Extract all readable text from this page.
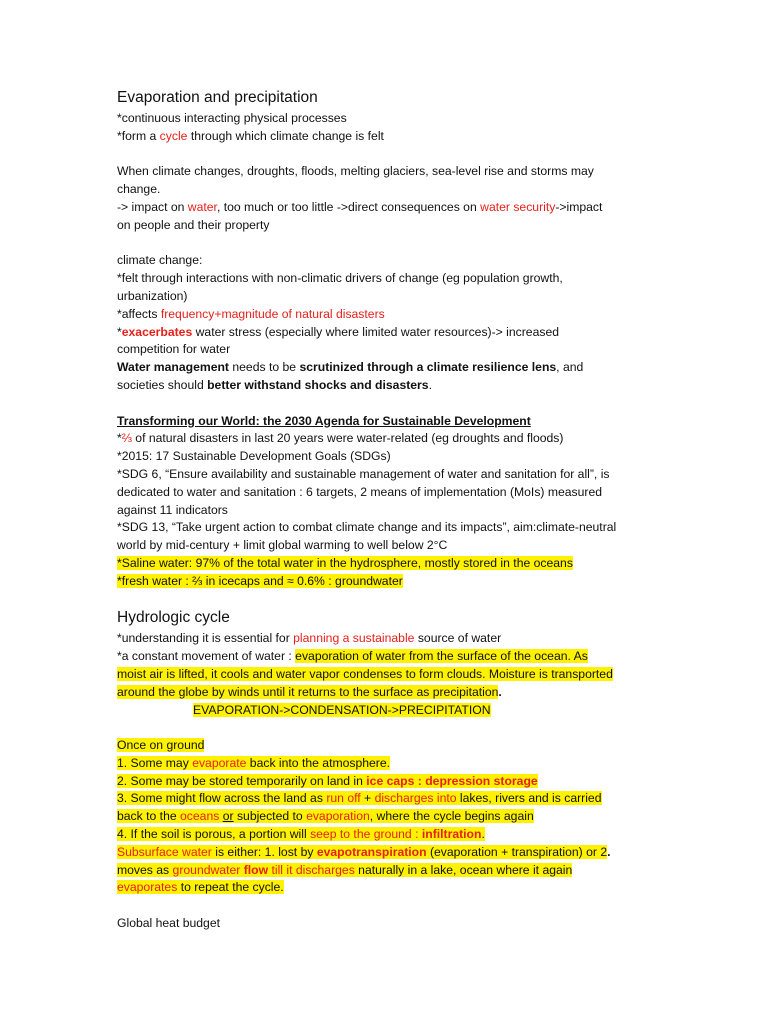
Evaporation and precipitation
*continuous interacting physical processes
*form a cycle through which climate change is felt
When climate changes, droughts, floods, melting glaciers, sea-level rise and storms may
change.
-> impact on water, too much or too little ->direct consequences on water security->impact
on people and their property
climate change:
*felt through interactions with non-climatic drivers of change (eg population growth,
urbanization)
*affects frequency+magnitude of natural disasters
*exacerbates water stress (especially where limited water resources)-> increased
competition for water
Water management needs to be scrutinized through a climate resilience lens, and
societies should better withstand shocks and disasters.
Transforming our World: the 2030 Agenda for Sustainable Development
*⅔ of natural disasters in last 20 years were water-related (eg droughts and floods)
*2015: 17 Sustainable Development Goals (SDGs)
*SDG 6, “Ensure availability and sustainable management of water and sanitation for all”, is
dedicated to water and sanitation : 6 targets, 2 means of implementation (MoIs) measured
against 11 indicators
*SDG 13, “Take urgent action to combat climate change and its impacts”, aim:climate-neutral
world by mid-century + limit global warming to well below 2°C
*Saline water: 97% of the total water in the hydrosphere, mostly stored in the oceans
*fresh water : ⅔ in icecaps and ≈ 0.6% : groundwater
Hydrologic cycle
*understanding it is essential for planning a sustainable source of water
*a constant movement of water : evaporation of water from the surface of the ocean. As
moist air is lifted, it cools and water vapor condenses to form clouds. Moisture is transported
around the globe by winds until it returns to the surface as precipitation.
EVAPORATION->CONDENSATION->PRECIPITATION
Once on ground
1. Some may evaporate back into the atmosphere.
2. Some may be stored temporarily on land in ice caps : depression storage
3. Some might flow across the land as run off + discharges into lakes, rivers and is carried
back to the oceans or subjected to evaporation, where the cycle begins again
4. If the soil is porous, a portion will seep to the ground : infiltration.
Subsurface water is either: 1. lost by evapotranspiration (evaporation + transpiration) or 2.
moves as groundwater flow till it discharges naturally in a lake, ocean where it again
evaporates to repeat the cycle.
Global heat budget
